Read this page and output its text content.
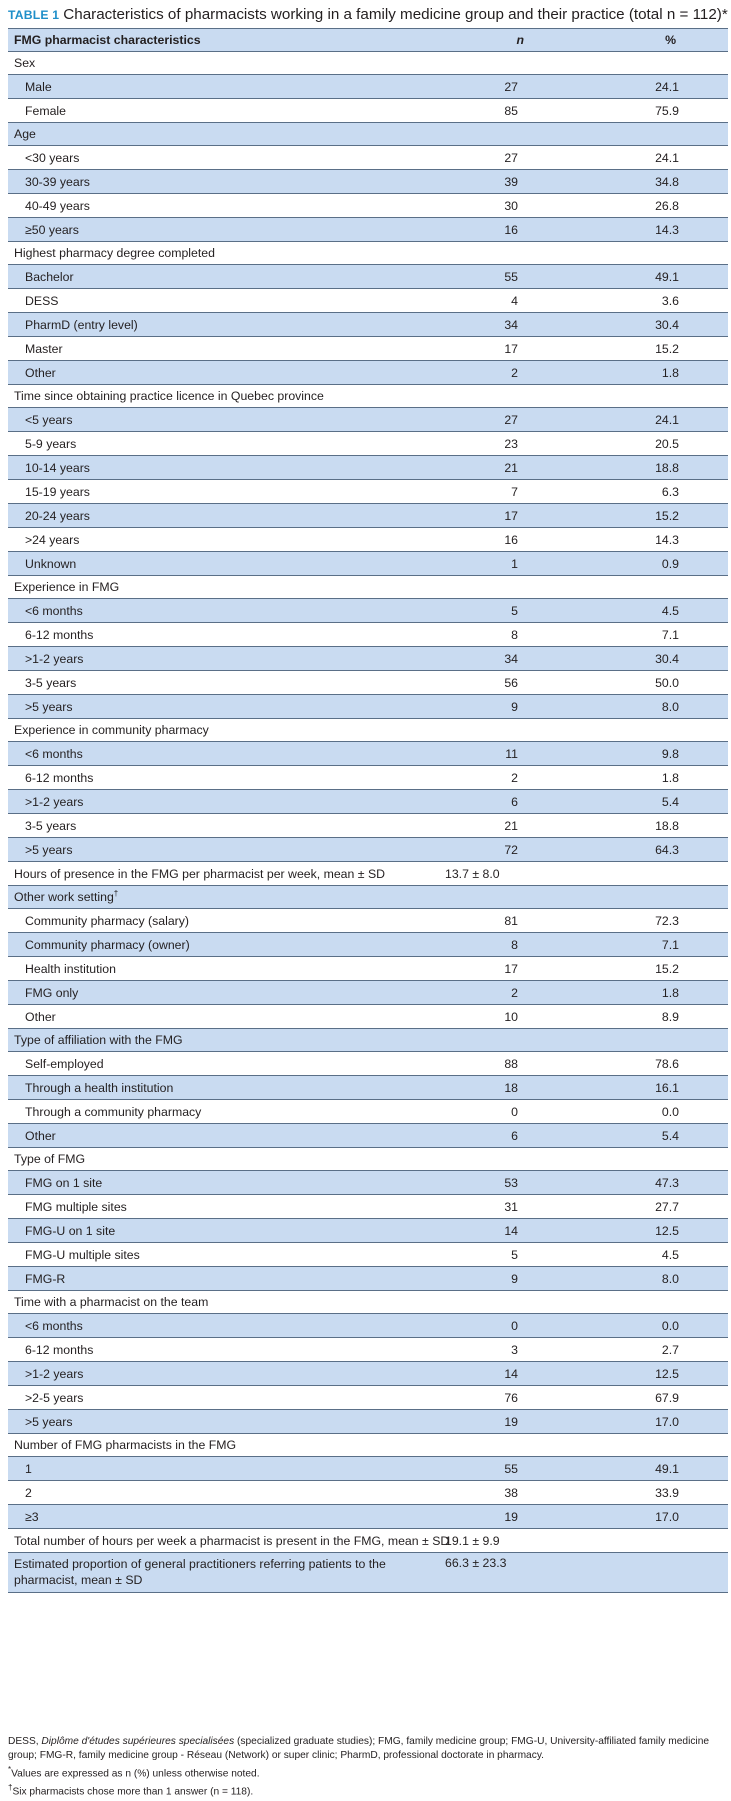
TABLE 1 Characteristics of pharmacists working in a family medicine group and their practice (total n = 112)*
FMG pharmacist characteristics	n	%
Sex		
Male	27	24.1
Female	85	75.9
Age		
<30 years	27	24.1
30-39 years	39	34.8
40-49 years	30	26.8
≥50 years	16	14.3
Highest pharmacy degree completed		
Bachelor	55	49.1
DESS	4	3.6
PharmD (entry level)	34	30.4
Master	17	15.2
Other	2	1.8
Time since obtaining practice licence in Quebec province		
<5 years	27	24.1
5-9 years	23	20.5
10-14 years	21	18.8
15-19 years	7	6.3
20-24 years	17	15.2
>24 years	16	14.3
Unknown	1	0.9
Experience in FMG		
<6 months	5	4.5
6-12 months	8	7.1
>1-2 years	34	30.4
3-5 years	56	50.0
>5 years	9	8.0
Experience in community pharmacy		
<6 months	11	9.8
6-12 months	2	1.8
>1-2 years	6	5.4
3-5 years	21	18.8
>5 years	72	64.3
Hours of presence in the FMG per pharmacist per week, mean ± SD	13.7 ± 8.0	
Other work setting†
Community pharmacy (salary)	81	72.3
Community pharmacy (owner)	8	7.1
Health institution	17	15.2
FMG only	2	1.8
Other	10	8.9
Type of affiliation with the FMG		
Self-employed	88	78.6
Through a health institution	18	16.1
Through a community pharmacy	0	0.0
Other	6	5.4
Type of FMG		
FMG on 1 site	53	47.3
FMG multiple sites	31	27.7
FMG-U on 1 site	14	12.5
FMG-U multiple sites	5	4.5
FMG-R	9	8.0
Time with a pharmacist on the team		
<6 months	0	0.0
6-12 months	3	2.7
>1-2 years	14	12.5
>2-5 years	76	67.9
>5 years	19	17.0
Number of FMG pharmacists in the FMG		
1	55	49.1
2	38	33.9
≥3	19	17.0
Total number of hours per week a pharmacist is present in the FMG, mean ± SD	19.1 ± 9.9	
Estimated proportion of general practitioners referring patients to the pharmacist, mean ± SD	66.3 ± 23.3	

DESS, Diplôme d'études supérieures specialisées (specialized graduate studies); FMG, family medicine group; FMG-U, University-affiliated family medicine group; FMG-R, family medicine group - Réseau (Network) or super clinic; PharmD, professional doctorate in pharmacy.

*Values are expressed as n (%) unless otherwise noted.

†Six pharmacists chose more than 1 answer (n = 118).
